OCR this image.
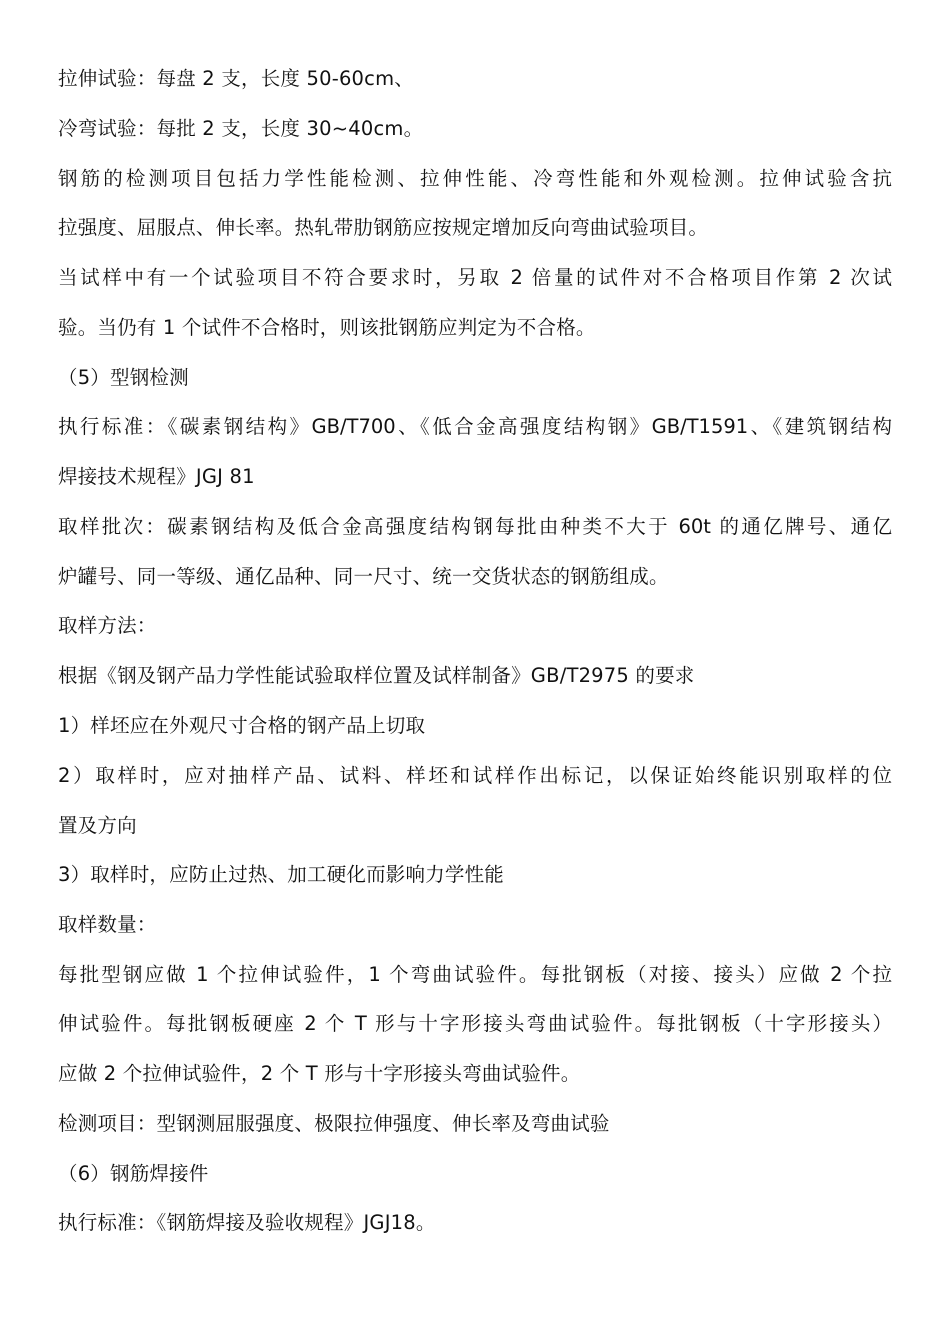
拉伸试验：每盘 2 支，长度 50-60cm、
冷弯试验：每批 2 支，长度 30~40cm。
钢筋的检测项目包括力学性能检测、拉伸性能、冷弯性能和外观检测。拉伸试验含抗
拉强度、屈服点、伸长率。热轧带肋钢筋应按规定增加反向弯曲试验项目。
当试样中有一个试验项目不符合要求时，另取 2 倍量的试件对不合格项目作第 2 次试
验。当仍有 1 个试件不合格时，则该批钢筋应判定为不合格。
（5）型钢检测
执行标准：《碳素钢结构》GB/T700、《低合金高强度结构钢》GB/T1591、《建筑钢结构
焊接技术规程》JGJ 81
取样批次：碳素钢结构及低合金高强度结构钢每批由种类不大于 60t 的通亿牌号、通亿
炉罐号、同一等级、通亿品种、同一尺寸、统一交货状态的钢筋组成。
取样方法：
根据《钢及钢产品力学性能试验取样位置及试样制备》GB/T2975 的要求
1）样坯应在外观尺寸合格的钢产品上切取
2）取样时，应对抽样产品、试料、样坯和试样作出标记，以保证始终能识别取样的位
置及方向
3）取样时，应防止过热、加工硬化而影响力学性能
取样数量：
每批型钢应做 1 个拉伸试验件，1 个弯曲试验件。每批钢板（对接、接头）应做 2 个拉
伸试验件。每批钢板硬座 2 个 T 形与十字形接头弯曲试验件。每批钢板（十字形接头）
应做 2 个拉伸试验件，2 个 T 形与十字形接头弯曲试验件。
检测项目：型钢测屈服强度、极限拉伸强度、伸长率及弯曲试验
（6）钢筋焊接件
执行标准：《钢筋焊接及验收规程》JGJ18。
